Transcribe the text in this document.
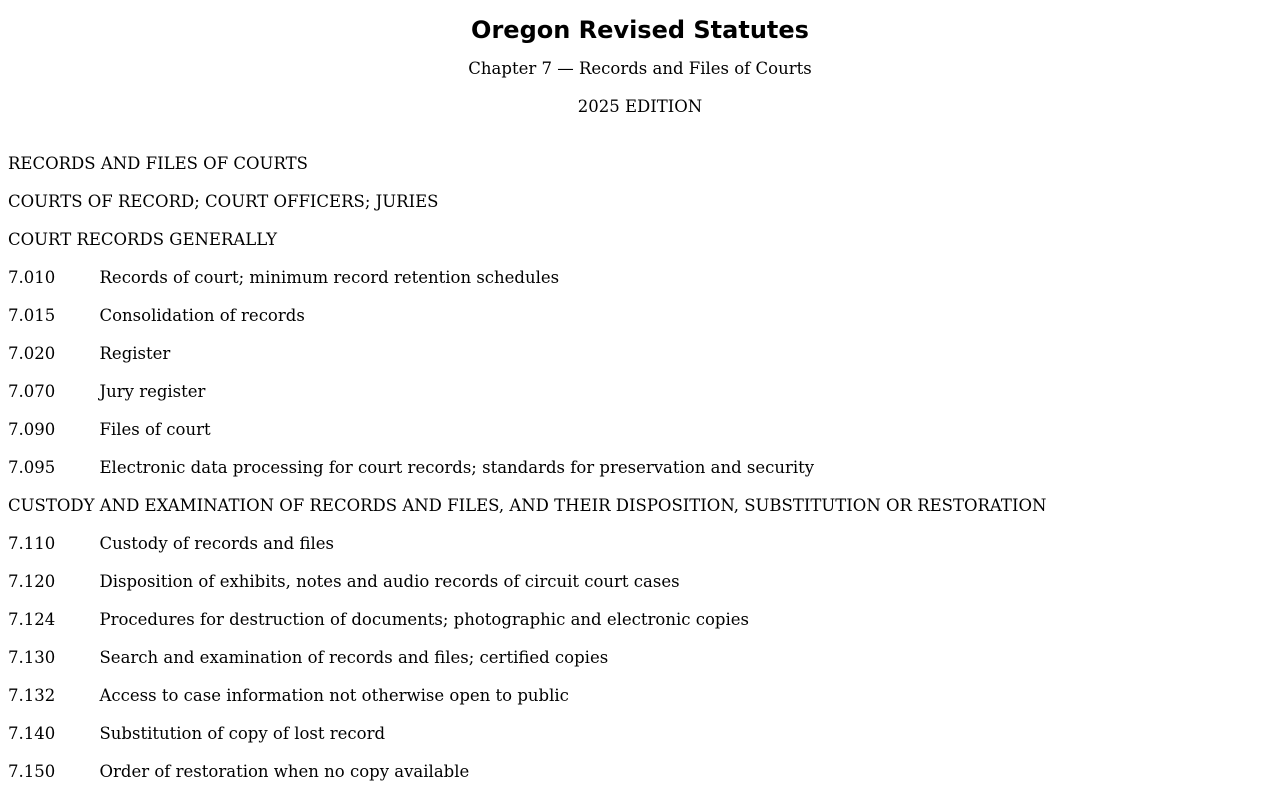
Oregon Revised Statutes
Chapter 7 — Records and Files of Courts
2025 EDITION
RECORDS AND FILES OF COURTS
COURTS OF RECORD; COURT OFFICERS; JURIES
COURT RECORDS GENERALLY
7.010	Records of court; minimum record retention schedules
7.015	Consolidation of records
7.020	Register
7.070	Jury register
7.090	Files of court
7.095	Electronic data processing for court records; standards for preservation and security
CUSTODY AND EXAMINATION OF RECORDS AND FILES, AND THEIR DISPOSITION, SUBSTITUTION OR RESTORATION
7.110	Custody of records and files
7.120	Disposition of exhibits, notes and audio records of circuit court cases
7.124	Procedures for destruction of documents; photographic and electronic copies
7.130	Search and examination of records and files; certified copies
7.132	Access to case information not otherwise open to public
7.140	Substitution of copy of lost record
7.150	Order of restoration when no copy available
